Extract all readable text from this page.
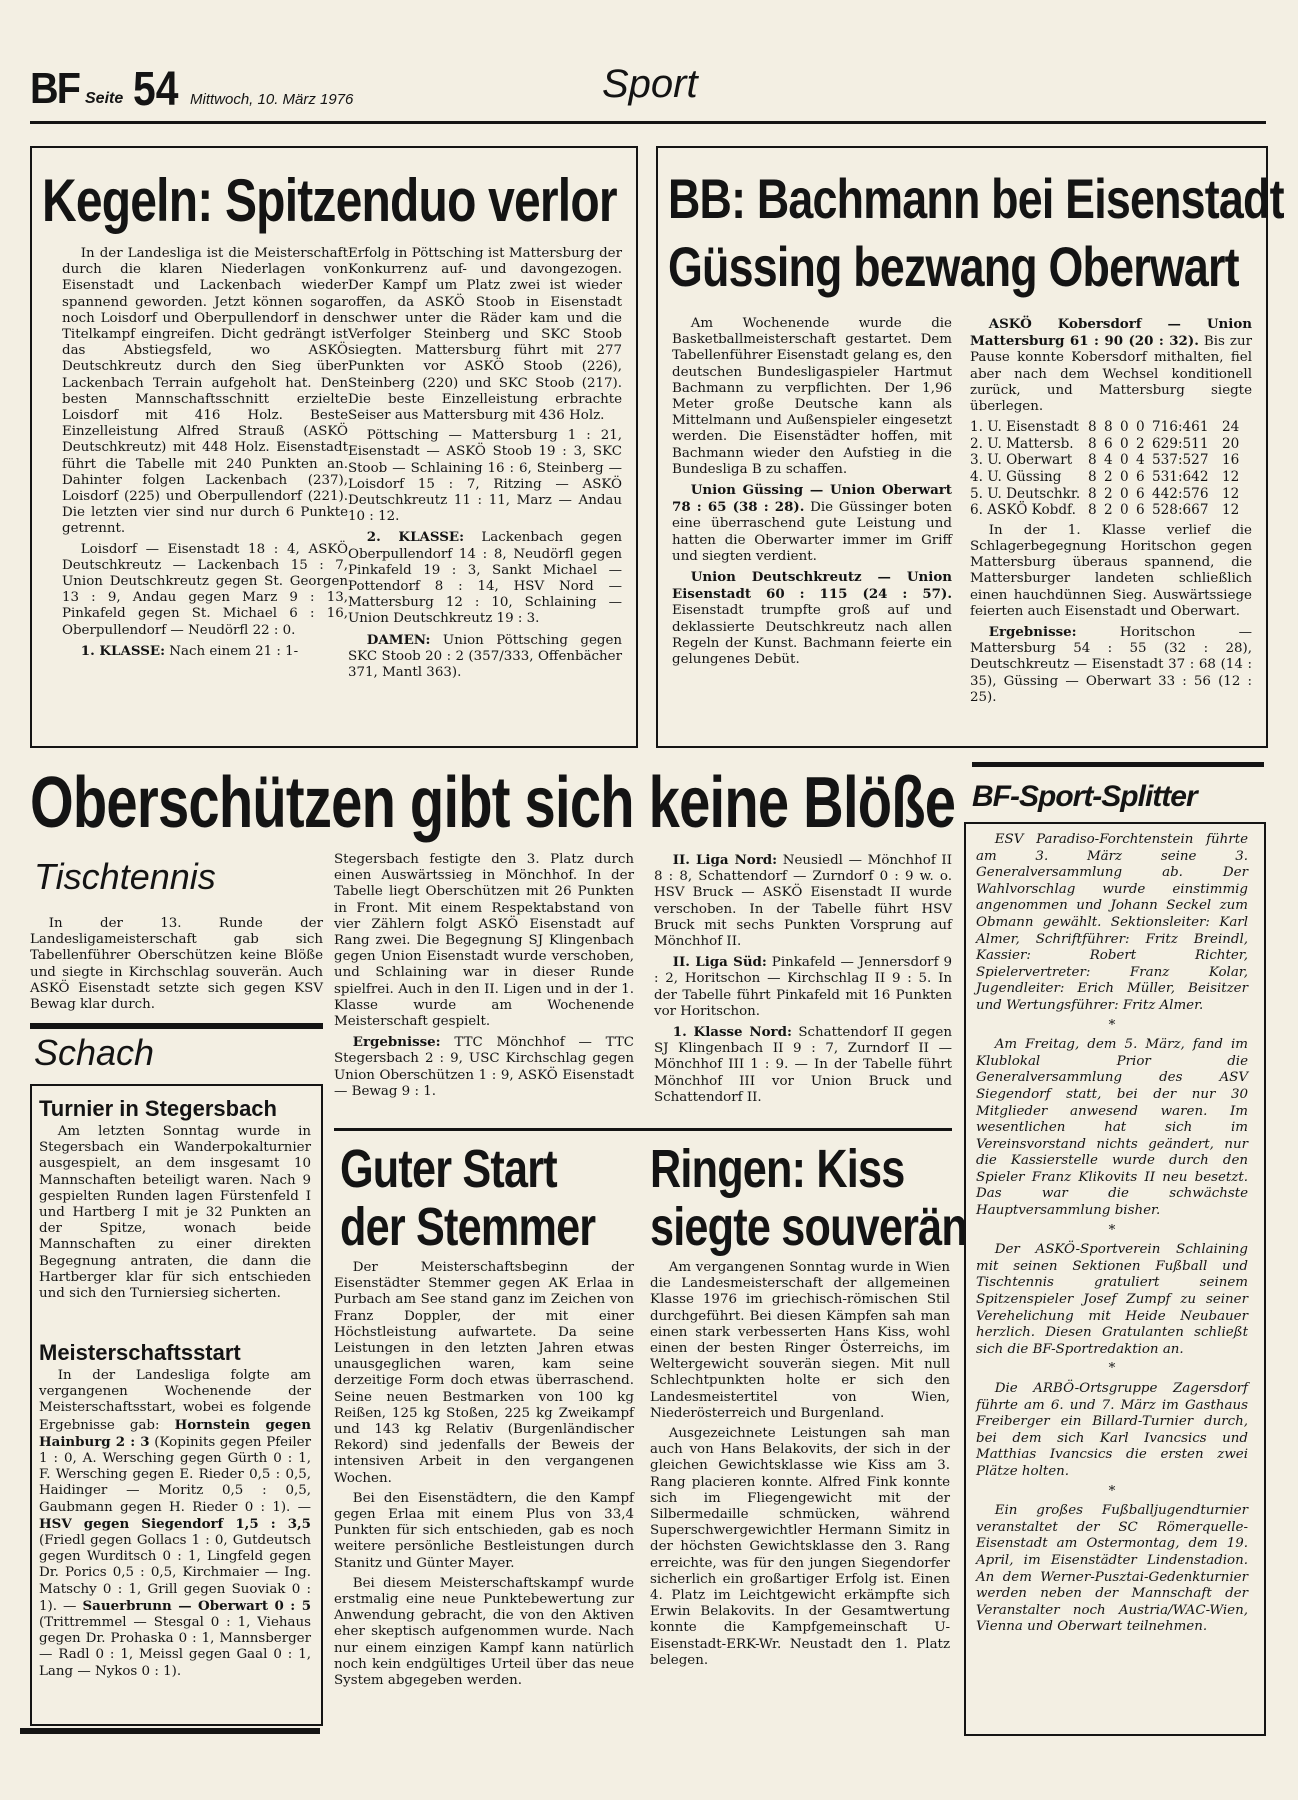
BF Seite 54 Mittwoch, 10. März 1976	Sport
Kegeln: Spitzenduo verlor

In der Landesliga ist die Meisterschaft durch die klaren Niederlagen von Eisenstadt und Lackenbach wieder spannend geworden. Jetzt können sogar noch Loisdorf und Oberpullendorf in den Titelkampf eingreifen. Dicht gedrängt ist das Abstiegsfeld, wo ASKÖ Deutschkreutz durch den Sieg über Lackenbach Terrain aufgeholt hat. Den besten Mannschaftsschnitt erzielte Loisdorf mit 416 Holz. Beste Einzelleistung Alfred Strauß (ASKÖ Deutschkreutz) mit 448 Holz. Eisenstadt führt die Tabelle mit 240 Punkten an. Dahinter folgen Lackenbach (237), Loisdorf (225) und Oberpullendorf (221). Die letzten vier sind nur durch 6 Punkte getrennt.

Loisdorf — Eisenstadt 18 : 4, ASKÖ Deutschkreutz — Lackenbach 15 : 7, Union Deutschkreutz gegen St. Georgen 13 : 9, Andau gegen Marz 9 : 13, Pinkafeld gegen St. Michael 6 : 16, Oberpullendorf — Neudörfl 22 : 0.

1. KLASSE: Nach einem 21 : 1-

Erfolg in Pöttsching ist Mattersburg der Konkurrenz auf- und davongezogen. Der Kampf um Platz zwei ist wieder offen, da ASKÖ Stoob in Eisenstadt schwer unter die Räder kam und die Verfolger Steinberg und SKC Stoob siegten. Mattersburg führt mit 277 Punkten vor ASKÖ Stoob (226), Steinberg (220) und SKC Stoob (217). Die beste Einzelleistung erbrachte Seiser aus Mattersburg mit 436 Holz.

Pöttsching — Mattersburg 1 : 21, Eisenstadt — ASKÖ Stoob 19 : 3, SKC Stoob — Schlaining 16 : 6, Steinberg — Loisdorf 15 : 7, Ritzing — ASKÖ Deutschkreutz 11 : 11, Marz — Andau 10 : 12.

2. KLASSE: Lackenbach gegen Oberpullendorf 14 : 8, Neudörfl gegen Pinkafeld 19 : 3, Sankt Michael — Pottendorf 8 : 14, HSV Nord — Mattersburg 12 : 10, Schlaining — Union Deutschkreutz 19 : 3.

DAMEN: Union Pöttsching gegen SKC Stoob 20 : 2 (357/333, Offenbächer 371, Mantl 363).

BB: Bachmann bei Eisenstadt
Güssing bezwang Oberwart

Am Wochenende wurde die Basketballmeisterschaft gestartet. Dem Tabellenführer Eisenstadt gelang es, den deutschen Bundesligaspieler Hartmut Bachmann zu verpflichten. Der 1,96 Meter große Deutsche kann als Mittelmann und Außenspieler eingesetzt werden. Die Eisenstädter hoffen, mit Bachmann wieder den Aufstieg in die Bundesliga B zu schaffen.

Union Güssing — Union Oberwart 78 : 65 (38 : 28). Die Güssinger boten eine überraschend gute Leistung und hatten die Oberwarter immer im Griff und siegten verdient.

Union Deutschkreutz — Union Eisenstadt 60 : 115 (24 : 57). Eisenstadt trumpfte groß auf und deklassierte Deutschkreutz nach allen Regeln der Kunst. Bachmann feierte ein gelungenes Debüt.

ASKÖ Kobersdorf — Union Mattersburg 61 : 90 (20 : 32). Bis zur Pause konnte Kobersdorf mithalten, fiel aber nach dem Wechsel konditionell zurück, und Mattersburg siegte überlegen.

1. U. Eisenstadt 8 8 0 0 716:461 24
2. U. Mattersb.	8 6 0 2 629:511 20
3. U. Oberwart	8 4 0 4 537:527 16
4. U. Güssing	8 2 0 6 531:642 12
5. U. Deutschkr. 8 2 0 6 442:576 12
6. ASKÖ Kobdf. 8 2 0 6 528:667 12

In der 1. Klasse verlief die Schlagerbegegnung Horitschon gegen Mattersburg überaus spannend, die Mattersburger landeten schließlich einen hauchdünnen Sieg. Auswärtssiege feierten auch Eisenstadt und Oberwart.

Ergebnisse: Horitschon — Mattersburg 54 : 55 (32 : 28), Deutschkreutz — Eisenstadt 37 : 68 (14 : 35), Güssing — Oberwart 33 : 56 (12 : 25).

Oberschützen gibt sich keine Blöße
Tischtennis

In der 13. Runde der Landesligameisterschaft gab sich Tabellenführer Oberschützen keine Blöße und siegte in Kirchschlag souverän. Auch ASKÖ Eisenstadt setzte sich gegen KSV Bewag klar durch.

Schach
Turnier in Stegersbach

Am letzten Sonntag wurde in Stegersbach ein Wanderpokalturnier ausgespielt, an dem insgesamt 10 Mannschaften beteiligt waren. Nach 9 gespielten Runden lagen Fürstenfeld I und Hartberg I mit je 32 Punkten an der Spitze, wonach beide Mannschaften zu einer direkten Begegnung antraten, die dann die Hartberger klar für sich entschieden und sich den Turniersieg sicherten.

Meisterschaftsstart

In der Landesliga folgte am vergangenen Wochenende der Meisterschaftsstart, wobei es folgende Ergebnisse gab: Hornstein gegen Hainburg 2 : 3 (Kopinits gegen Pfeiler 1 : 0, A. Wersching gegen Gürth 0 : 1, F. Wersching gegen E. Rieder 0,5 : 0,5, Haidinger — Moritz 0,5 : 0,5, Gaubmann gegen H. Rieder 0 : 1). — HSV gegen Siegendorf 1,5 : 3,5 (Friedl gegen Gollacs 1 : 0, Gutdeutsch gegen Wurditsch 0 : 1, Lingfeld gegen Dr. Porics 0,5 : 0,5, Kirchmaier — Ing. Matschy 0 : 1, Grill gegen Suoviak 0 : 1). — Sauerbrunn — Oberwart 0 : 5 (Trittremmel — Stesgal 0 : 1, Viehaus gegen Dr. Prohaska 0 : 1, Mannsberger — Radl 0 : 1, Meissl gegen Gaal 0 : 1, Lang — Nykos 0 : 1).

Stegersbach festigte den 3. Platz durch einen Auswärtssieg in Mönchhof. In der Tabelle liegt Oberschützen mit 26 Punkten in Front. Mit einem Respektabstand von vier Zählern folgt ASKÖ Eisenstadt auf Rang zwei. Die Begegnung SJ Klingenbach gegen Union Eisenstadt wurde verschoben, und Schlaining war in dieser Runde spielfrei. Auch in den II. Ligen und in der 1. Klasse wurde am Wochenende Meisterschaft gespielt.

Ergebnisse: TTC Mönchhof — TTC Stegersbach 2 : 9, USC Kirchschlag gegen Union Oberschützen 1 : 9, ASKÖ Eisenstadt — Bewag 9 : 1.

II. Liga Nord: Neusiedl — Mönchhof II 8 : 8, Schattendorf — Zurndorf 0 : 9 w. o. HSV Bruck — ASKÖ Eisenstadt II wurde verschoben. In der Tabelle führt HSV Bruck mit sechs Punkten Vorsprung auf Mönchhof II.

II. Liga Süd: Pinkafeld — Jennersdorf 9 : 2, Horitschon — Kirchschlag II 9 : 5. In der Tabelle führt Pinkafeld mit 16 Punkten vor Horitschon.

1. Klasse Nord: Schattendorf II gegen SJ Klingenbach II 9 : 7, Zurndorf II — Mönchhof III 1 : 9. — In der Tabelle führt Mönchhof III vor Union Bruck und Schattendorf II.

Guter Start
der Stemmer

Der Meisterschaftsbeginn der Eisenstädter Stemmer gegen AK Erlaa in Purbach am See stand ganz im Zeichen von Franz Doppler, der mit einer Höchstleistung aufwartete. Da seine Leistungen in den letzten Jahren etwas unausgeglichen waren, kam seine derzeitige Form doch etwas überraschend. Seine neuen Bestmarken von 100 kg Reißen, 125 kg Stoßen, 225 kg Zweikampf und 143 kg Relativ (Burgenländischer Rekord) sind jedenfalls der Beweis der intensiven Arbeit in den vergangenen Wochen.

Bei den Eisenstädtern, die den Kampf gegen Erlaa mit einem Plus von 33,4 Punkten für sich entschieden, gab es noch weitere persönliche Bestleistungen durch Stanitz und Günter Mayer.

Bei diesem Meisterschaftskampf wurde erstmalig eine neue Punktebewertung zur Anwendung gebracht, die von den Aktiven eher skeptisch aufgenommen wurde. Nach nur einem einzigen Kampf kann natürlich noch kein endgültiges Urteil über das neue System abgegeben werden.

Ringen: Kiss
siegte souverän

Am vergangenen Sonntag wurde in Wien die Landesmeisterschaft der allgemeinen Klasse 1976 im griechisch-römischen Stil durchgeführt. Bei diesen Kämpfen sah man einen stark verbesserten Hans Kiss, wohl einen der besten Ringer Österreichs, im Weltergewicht souverän siegen. Mit null Schlechtpunkten holte er sich den Landesmeistertitel von Wien, Niederösterreich und Burgenland.

Ausgezeichnete Leistungen sah man auch von Hans Belakovits, der sich in der gleichen Gewichtsklasse wie Kiss am 3. Rang placieren konnte. Alfred Fink konnte sich im Fliegengewicht mit der Silbermedaille schmücken, während Superschwergewichtler Hermann Simitz in der höchsten Gewichtsklasse den 3. Rang erreichte, was für den jungen Siegendorfer sicherlich ein großartiger Erfolg ist. Einen 4. Platz im Leichtgewicht erkämpfte sich Erwin Belakovits. In der Gesamtwertung konnte die Kampfgemeinschaft U-Eisenstadt-ERK-Wr. Neustadt den 1. Platz belegen.

BF-Sport-Splitter

ESV Paradiso-Forchtenstein führte am 3. März seine 3. Generalversammlung ab. Der Wahlvorschlag wurde einstimmig angenommen und Johann Seckel zum Obmann gewählt. Sektionsleiter: Karl Almer, Schriftführer: Fritz Breindl, Kassier: Robert Richter, Spielervertreter: Franz Kolar, Jugendleiter: Erich Müller, Beisitzer und Wertungsführer: Fritz Almer.

*

Am Freitag, dem 5. März, fand im Klublokal Prior die Generalversammlung des ASV Siegendorf statt, bei der nur 30 Mitglieder anwesend waren. Im wesentlichen hat sich im Vereinsvorstand nichts geändert, nur die Kassierstelle wurde durch den Spieler Franz Klikovits II neu besetzt. Das war die schwächste Hauptversammlung bisher.

*

Der ASKÖ-Sportverein Schlaining mit seinen Sektionen Fußball und Tischtennis gratuliert seinem Spitzenspieler Josef Zumpf zu seiner Verehelichung mit Heide Neubauer herzlich. Diesen Gratulanten schließt sich die BF-Sportredaktion an.

*

Die ARBÖ-Ortsgruppe Zagersdorf führte am 6. und 7. März im Gasthaus Freiberger ein Billard-Turnier durch, bei dem sich Karl Ivancsics und Matthias Ivancsics die ersten zwei Plätze holten.

*

Ein großes Fußballjugendturnier veranstaltet der SC Römerquelle-Eisenstadt am Ostermontag, dem 19. April, im Eisenstädter Lindenstadion. An dem Werner-Pusztai-Gedenkturnier werden neben der Mannschaft der Veranstalter noch Austria/WAC-Wien, Vienna und Oberwart teilnehmen.
